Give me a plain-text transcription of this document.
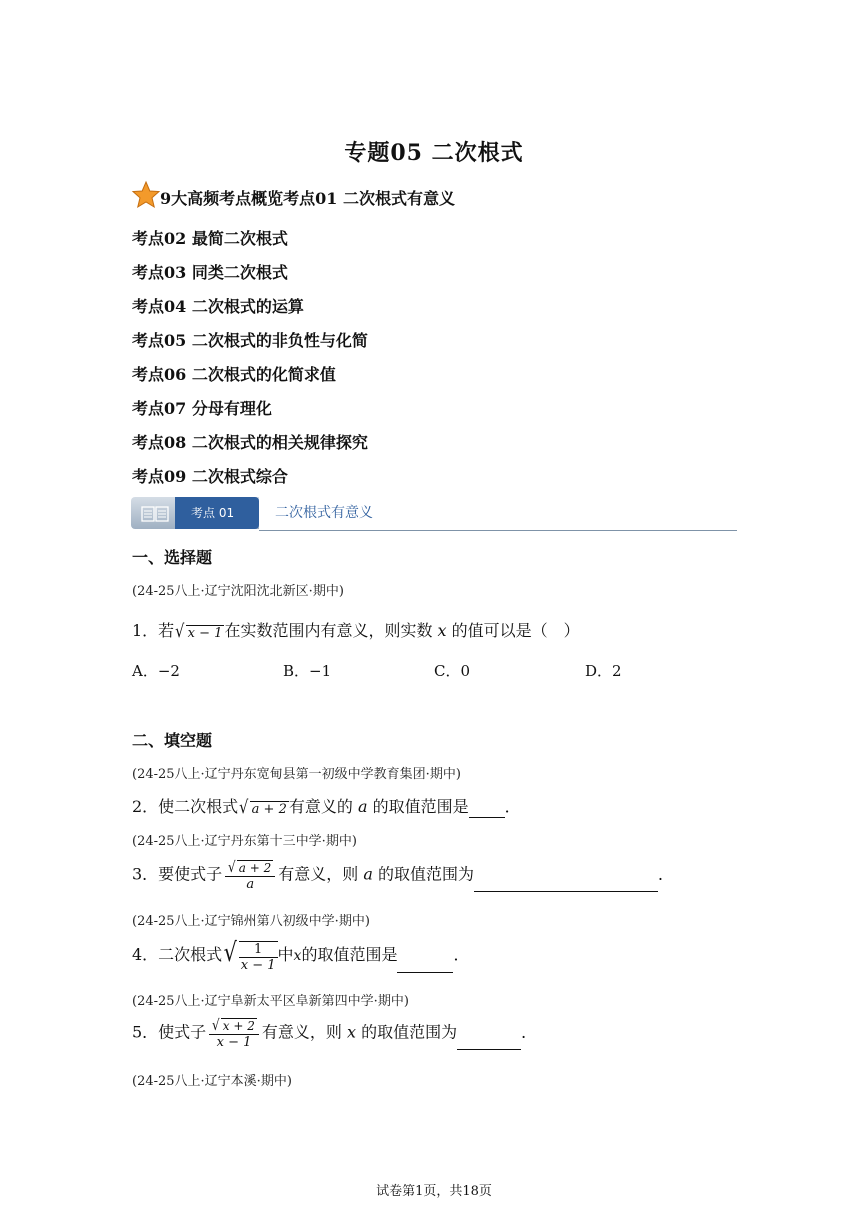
专题05 二次根式
9大高频考点概览考点01 二次根式有意义
考点02 最简二次根式
考点03 同类二次根式
考点04 二次根式的运算
考点05 二次根式的非负性与化简
考点06 二次根式的化简求值
考点07 分母有理化
考点08 二次根式的相关规律探究
考点09 二次根式综合
考点 01	二次根式有意义
一、选择题
(24-25八上·辽宁沈阳沈北新区·期中)
1．若√ x − 1 在实数范围内有意义，则实数 x 的值可以是（　）
A．−2	B．−1	C．0	D．2
二、填空题
(24-25八上·辽宁丹东宽甸县第一初级中学教育集团·期中)
2．使二次根式√ a + 2 有意义的 a 的取值范围是 ．
(24-25八上·辽宁丹东第十三中学·期中)
3．要使式子 $\frac{√ a + 2}{a}$ 有意义，则 a 的取值范围为	．
(24-25八上·辽宁锦州第八初级中学·期中)
4．二次根式√ $\frac{1}{x - 1}$ 中x的取值范围是	．
(24-25八上·辽宁阜新太平区阜新第四中学·期中)
5．使式子 $\frac{√ x + 2}{x - 1}$ 有意义，则 x 的取值范围为	．
(24-25八上·辽宁本溪·期中)
试卷第1页，共18页
